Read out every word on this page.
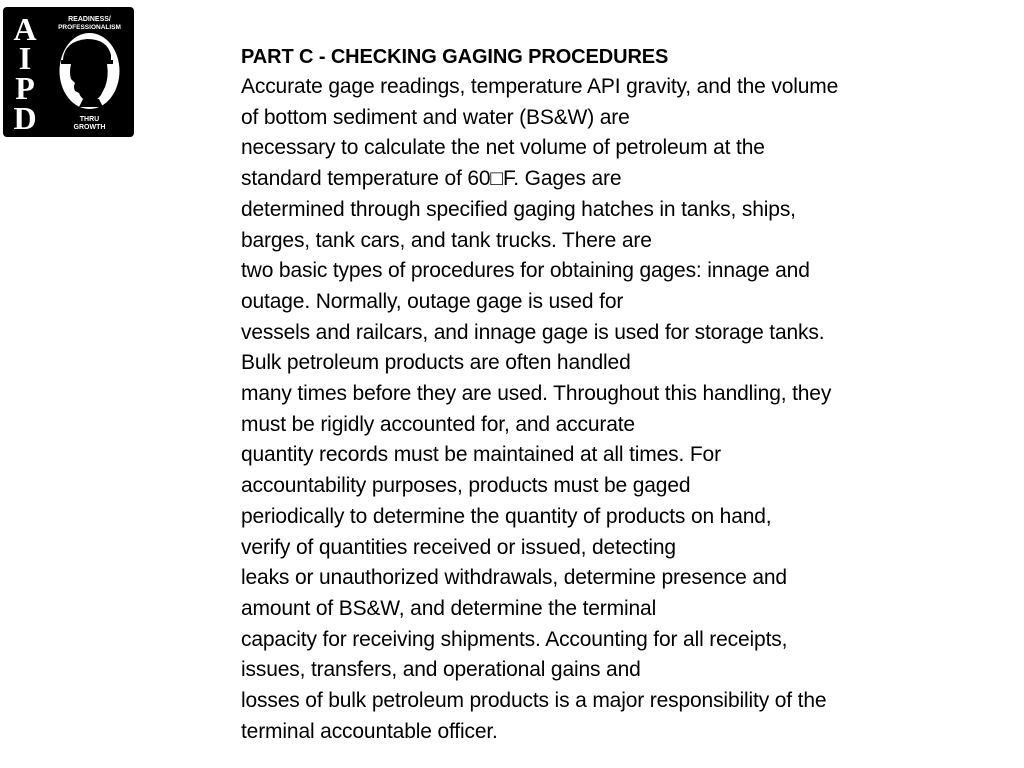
A
I
P
D
READINESS/
PROFESSIONALISM
THRU
GROWTH

PART C - CHECKING GAGING PROCEDURES

Accurate gage readings, temperature API gravity, and the volume

of bottom sediment and water (BS&W) are

necessary to calculate the net volume of petroleum at the

standard temperature of 60□F. Gages are

determined through specified gaging hatches in tanks, ships,

barges, tank cars, and tank trucks. There are

two basic types of procedures for obtaining gages: innage and

outage. Normally, outage gage is used for

vessels and railcars, and innage gage is used for storage tanks.

Bulk petroleum products are often handled

many times before they are used. Throughout this handling, they

must be rigidly accounted for, and accurate

quantity records must be maintained at all times. For

accountability purposes, products must be gaged

periodically to determine the quantity of products on hand,

verify of quantities received or issued, detecting

leaks or unauthorized withdrawals, determine presence and

amount of BS&W, and determine the terminal

capacity for receiving shipments. Accounting for all receipts,

issues, transfers, and operational gains and

losses of bulk petroleum products is a major responsibility of the

terminal accountable officer.
